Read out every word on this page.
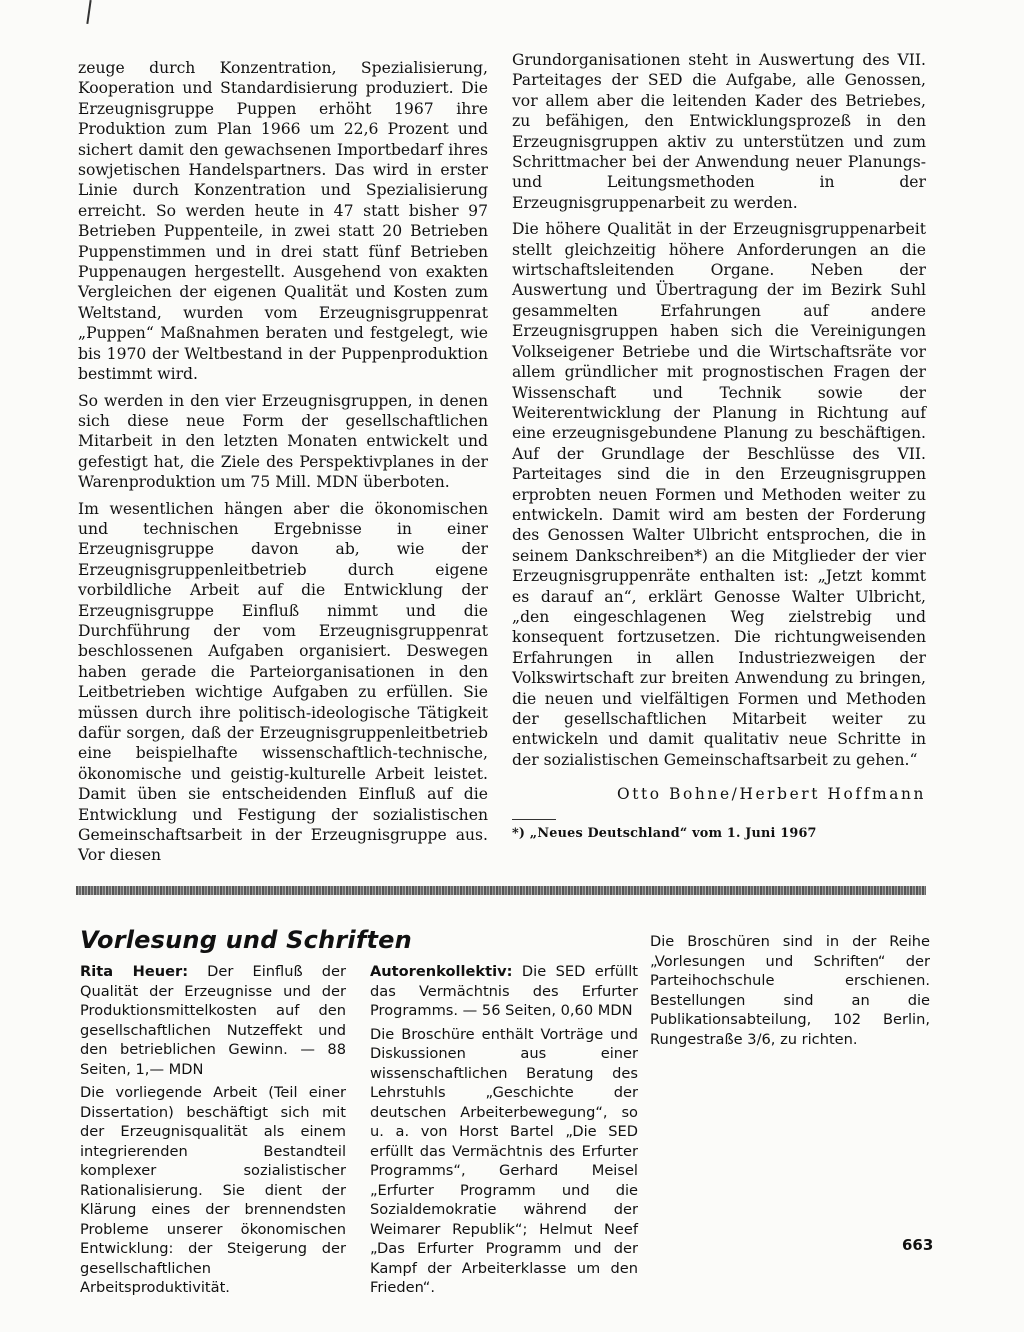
zeuge durch Konzentration, Spezialisierung, Kooperation und Standardisierung produziert. Die Erzeugnisgruppe Puppen erhöht 1967 ihre Produktion zum Plan 1966 um 22,6 Prozent und sichert damit den gewachsenen Importbedarf ihres sowjetischen Handelspartners. Das wird in erster Linie durch Konzentration und Spezialisierung erreicht. So werden heute in 47 statt bisher 97 Betrieben Puppenteile, in zwei statt 20 Betrieben Puppenstimmen und in drei statt fünf Betrieben Puppenaugen hergestellt. Ausgehend von exakten Vergleichen der eigenen Qualität und Kosten zum Weltstand, wurden vom Erzeugnisgruppenrat „Puppen“ Maßnahmen beraten und festgelegt, wie bis 1970 der Weltbestand in der Puppenproduktion bestimmt wird.

So werden in den vier Erzeugnisgruppen, in denen sich diese neue Form der gesellschaftlichen Mitarbeit in den letzten Monaten entwickelt und gefestigt hat, die Ziele des Perspektivplanes in der Warenproduktion um 75 Mill. MDN überboten.

Im wesentlichen hängen aber die ökonomischen und technischen Ergebnisse in einer Erzeugnisgruppe davon ab, wie der Erzeugnisgruppenleitbetrieb durch eigene vorbildliche Arbeit auf die Entwicklung der Erzeugnisgruppe Einfluß nimmt und die Durchführung der vom Erzeugnisgruppenrat beschlossenen Aufgaben organisiert. Deswegen haben gerade die Parteiorganisationen in den Leitbetrieben wichtige Aufgaben zu erfüllen. Sie müssen durch ihre politisch-ideologische Tätigkeit dafür sorgen, daß der Erzeugnisgruppenleitbetrieb eine beispielhafte wissenschaftlich-technische, ökonomische und geistig-kulturelle Arbeit leistet. Damit üben sie entscheidenden Einfluß auf die Entwicklung und Festigung der sozialistischen Gemeinschaftsarbeit in der Erzeugnisgruppe aus. Vor diesen

Grundorganisationen steht in Auswertung des VII. Parteitages der SED die Aufgabe, alle Genossen, vor allem aber die leitenden Kader des Betriebes, zu befähigen, den Entwicklungsprozeß in den Erzeugnisgruppen aktiv zu unterstützen und zum Schrittmacher bei der Anwendung neuer Planungs- und Leitungsmethoden in der Erzeugnisgruppenarbeit zu werden.

Die höhere Qualität in der Erzeugnisgruppenarbeit stellt gleichzeitig höhere Anforderungen an die wirtschaftsleitenden Organe. Neben der Auswertung und Übertragung der im Bezirk Suhl gesammelten Erfahrungen auf andere Erzeugnisgruppen haben sich die Vereinigungen Volkseigener Betriebe und die Wirtschaftsräte vor allem gründlicher mit prognostischen Fragen der Wissenschaft und Technik sowie der Weiterentwicklung der Planung in Richtung auf eine erzeugnisgebundene Planung zu beschäftigen. Auf der Grundlage der Beschlüsse des VII. Parteitages sind die in den Erzeugnisgruppen erprobten neuen Formen und Methoden weiter zu entwickeln. Damit wird am besten der Forderung des Genossen Walter Ulbricht entsprochen, die in seinem Dankschreiben*) an die Mitglieder der vier Erzeugnisgruppenräte enthalten ist: „Jetzt kommt es darauf an“, erklärt Genosse Walter Ulbricht, „den eingeschlagenen Weg zielstrebig und konsequent fortzusetzen. Die richtungweisenden Erfahrungen in allen Industriezweigen der Volkswirtschaft zur breiten Anwendung zu bringen, die neuen und vielfältigen Formen und Methoden der gesellschaftlichen Mitarbeit weiter zu entwickeln und damit qualitativ neue Schritte in der sozialistischen Gemeinschaftsarbeit zu gehen.“

Otto Bohne/Herbert Hoffmann
*) „Neues Deutschland“ vom 1. Juni 1967
Vorlesung und Schriften

Rita Heuer: Der Einfluß der Qualität der Erzeugnisse und der Produktionsmittelkosten auf den gesellschaftlichen Nutzeffekt und den betrieblichen Gewinn. — 88 Seiten, 1,— MDN

Die vorliegende Arbeit (Teil einer Dissertation) beschäftigt sich mit der Erzeugnisqualität als einem integrierenden Bestandteil komplexer sozialistischer Rationalisierung. Sie dient der Klärung eines der brennendsten Probleme unserer ökonomischen Entwicklung: der Steigerung der gesellschaftlichen Arbeitsproduktivität.

Autorenkollektiv: Die SED erfüllt das Vermächtnis des Erfurter Programms. — 56 Seiten, 0,60 MDN

Die Broschüre enthält Vorträge und Diskussionen aus einer wissenschaftlichen Beratung des Lehrstuhls „Geschichte der deutschen Arbeiterbewegung“, so u. a. von Horst Bartel „Die SED erfüllt das Vermächtnis des Erfurter Programms“, Gerhard Meisel „Erfurter Programm und die Sozialdemokratie während der Weimarer Republik“; Helmut Neef „Das Erfurter Programm und der Kampf der Arbeiterklasse um den Frieden“.

Die Broschüren sind in der Reihe „Vorlesungen und Schriften“ der Parteihochschule erschienen. Bestellungen sind an die Publikationsabteilung, 102 Berlin, Rungestraße 3/6, zu richten.

663
